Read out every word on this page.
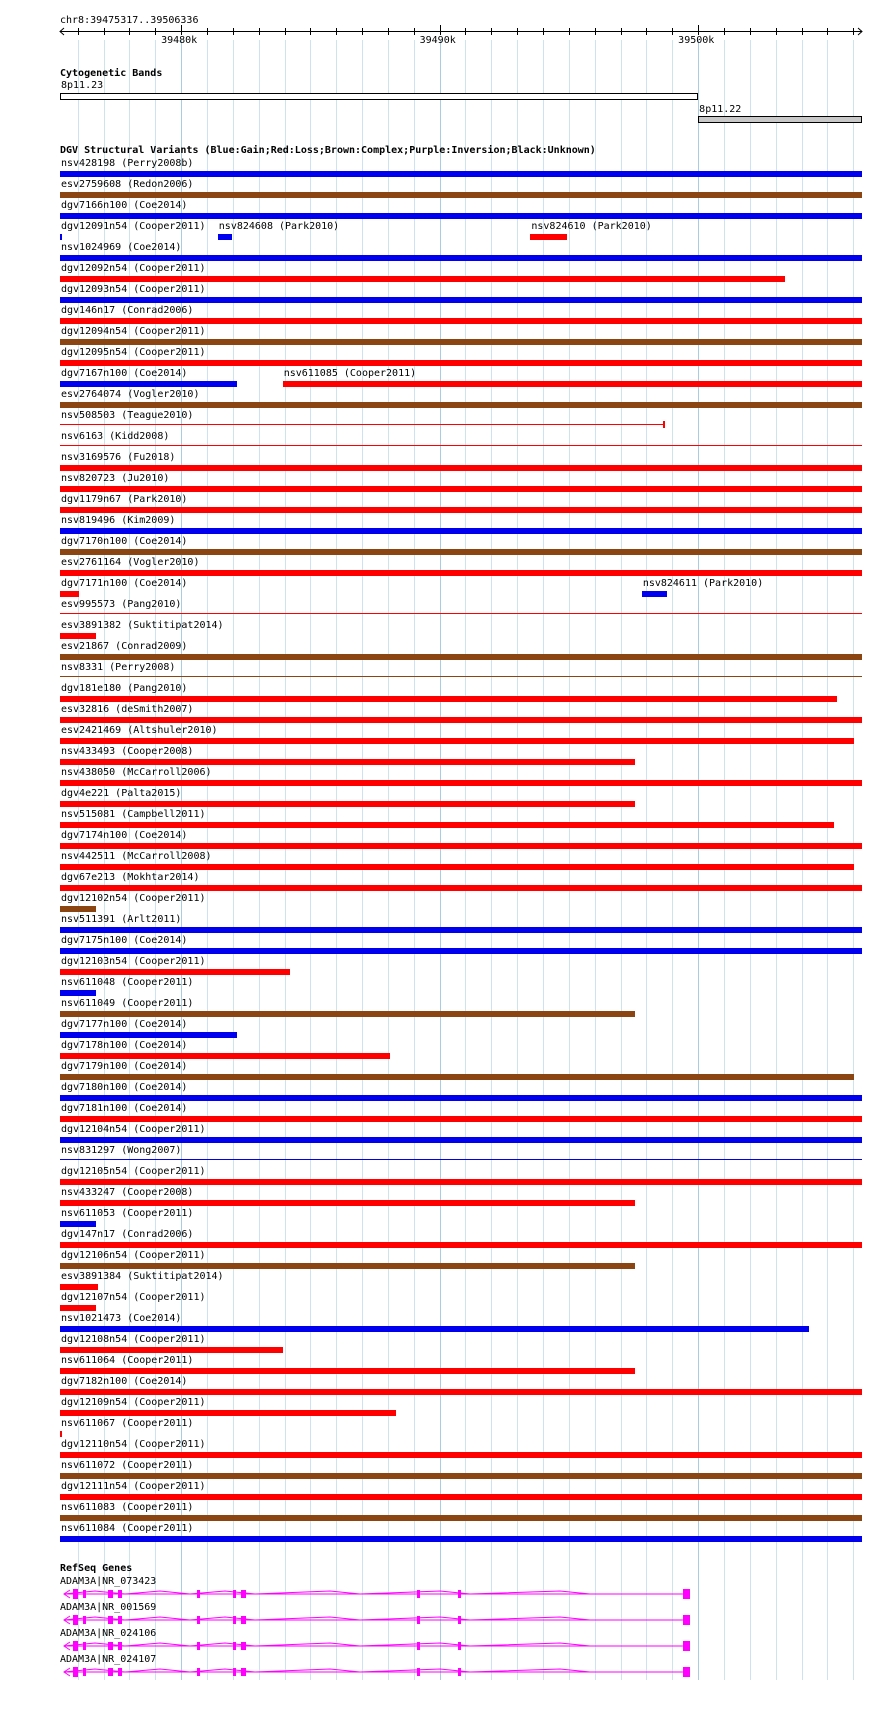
chr8:39475317..39506336
39480k	39490k	39500k
Cytogenetic Bands
8p11.23
8p11.22
DGV Structural Variants (Blue:Gain;Red:Loss;Brown:Complex;Purple:Inversion;Black:Unknown)
nsv428198 (Perry2008b)
esv2759608 (Redon2006)
dgv7166n100 (Coe2014)
dgv12091n54 (Cooper2011) nsv824608 (Park2010)	nsv824610 (Park2010)
nsv1024969 (Coe2014)
dgv12092n54 (Cooper2011)
dgv12093n54 (Cooper2011)
dgv146n17 (Conrad2006)
dgv12094n54 (Cooper2011)
dgv12095n54 (Cooper2011)
dgv7167n100 (Coe2014)	nsv611085 (Cooper2011)
esv2764074 (Vogler2010)
nsv508503 (Teague2010)
nsv6163 (Kidd2008)
nsv3169576 (Fu2018)
nsv820723 (Ju2010)
dgv1179n67 (Park2010)
nsv819496 (Kim2009)
dgv7170n100 (Coe2014)
esv2761164 (Vogler2010)
dgv7171n100 (Coe2014)	nsv824611 (Park2010)
esv995573 (Pang2010)
esv3891382 (Suktitipat2014)
esv21867 (Conrad2009)
nsv8331 (Perry2008)
dgv181e180 (Pang2010)
esv32816 (deSmith2007)
esv2421469 (Altshuler2010)
nsv433493 (Cooper2008)
nsv438050 (McCarroll2006)
dgv4e221 (Palta2015)
nsv515081 (Campbell2011)
dgv7174n100 (Coe2014)
nsv442511 (McCarroll2008)
dgv67e213 (Mokhtar2014)
dgv12102n54 (Cooper2011)
nsv511391 (Arlt2011)
dgv7175n100 (Coe2014)
dgv12103n54 (Cooper2011)
nsv611048 (Cooper2011)
nsv611049 (Cooper2011)
dgv7177n100 (Coe2014)
dgv7178n100 (Coe2014)
dgv7179n100 (Coe2014)
dgv7180n100 (Coe2014)
dgv7181n100 (Coe2014)
dgv12104n54 (Cooper2011)
nsv831297 (Wong2007)
dgv12105n54 (Cooper2011)
nsv433247 (Cooper2008)
nsv611053 (Cooper2011)
dgv147n17 (Conrad2006)
dgv12106n54 (Cooper2011)
esv3891384 (Suktitipat2014)
dgv12107n54 (Cooper2011)
nsv1021473 (Coe2014)
dgv12108n54 (Cooper2011)
nsv611064 (Cooper2011)
dgv7182n100 (Coe2014)
dgv12109n54 (Cooper2011)
nsv611067 (Cooper2011)
dgv12110n54 (Cooper2011)
nsv611072 (Cooper2011)
dgv12111n54 (Cooper2011)
nsv611083 (Cooper2011)
nsv611084 (Cooper2011)
RefSeq Genes
ADAM3A|NR_073423
ADAM3A|NR_001569
ADAM3A|NR_024106
ADAM3A|NR_024107
